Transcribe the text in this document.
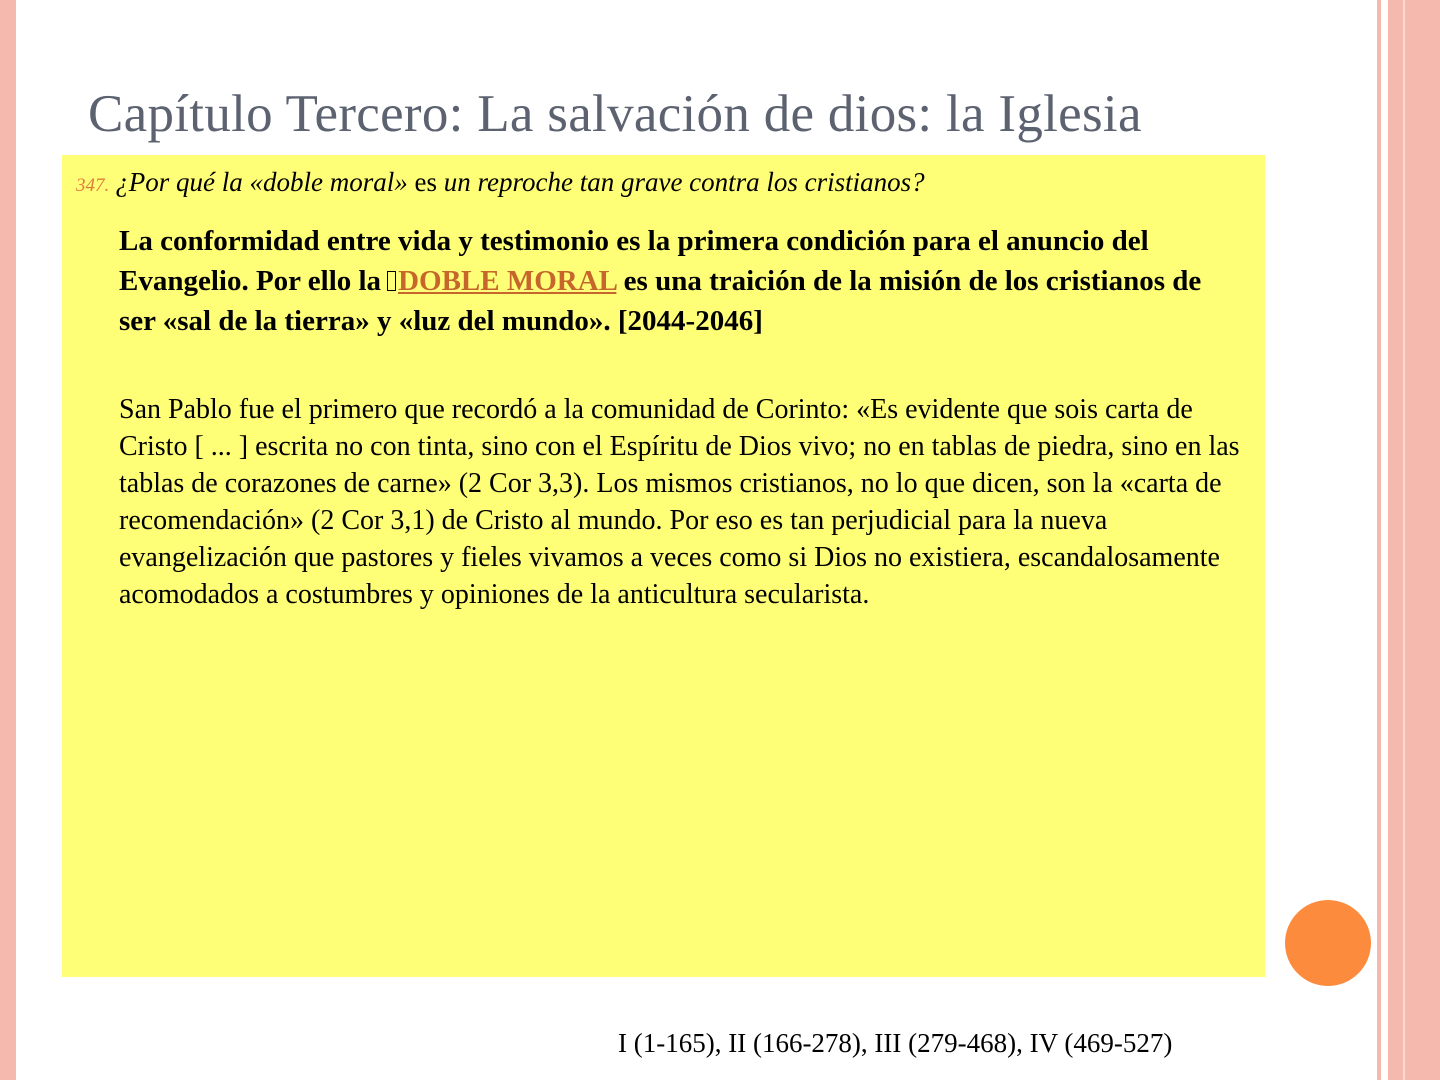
Capítulo Tercero: La salvación de dios: la Iglesia
347. ¿Por qué la «doble moral» es un reproche tan grave contra los cristianos?

La conformidad entre vida y testimonio es la primera condición para el anuncio del Evangelio. Por ello la DOBLE MORAL es una traición de la misión de los cristianos de ser «sal de la tierra» y «luz del mundo». [2044-2046]

San Pablo fue el primero que recordó a la comunidad de Corinto: «Es evidente que sois carta de Cristo [ ... ] escrita no con tinta, sino con el Espíritu de Dios vivo; no en tablas de piedra, sino en las tablas de corazones de carne» (2 Cor 3,3). Los mismos cristianos, no lo que dicen, son la «carta de recomendación» (2 Cor 3,1) de Cristo al mundo. Por eso es tan perjudicial para la nueva evangelización que pastores y fieles vivamos a veces como si Dios no existiera, escandalosamente acomodados a costumbres y opiniones de la anticultura secularista.

I (1-165), II (166-278), III (279-468), IV (469-527)
